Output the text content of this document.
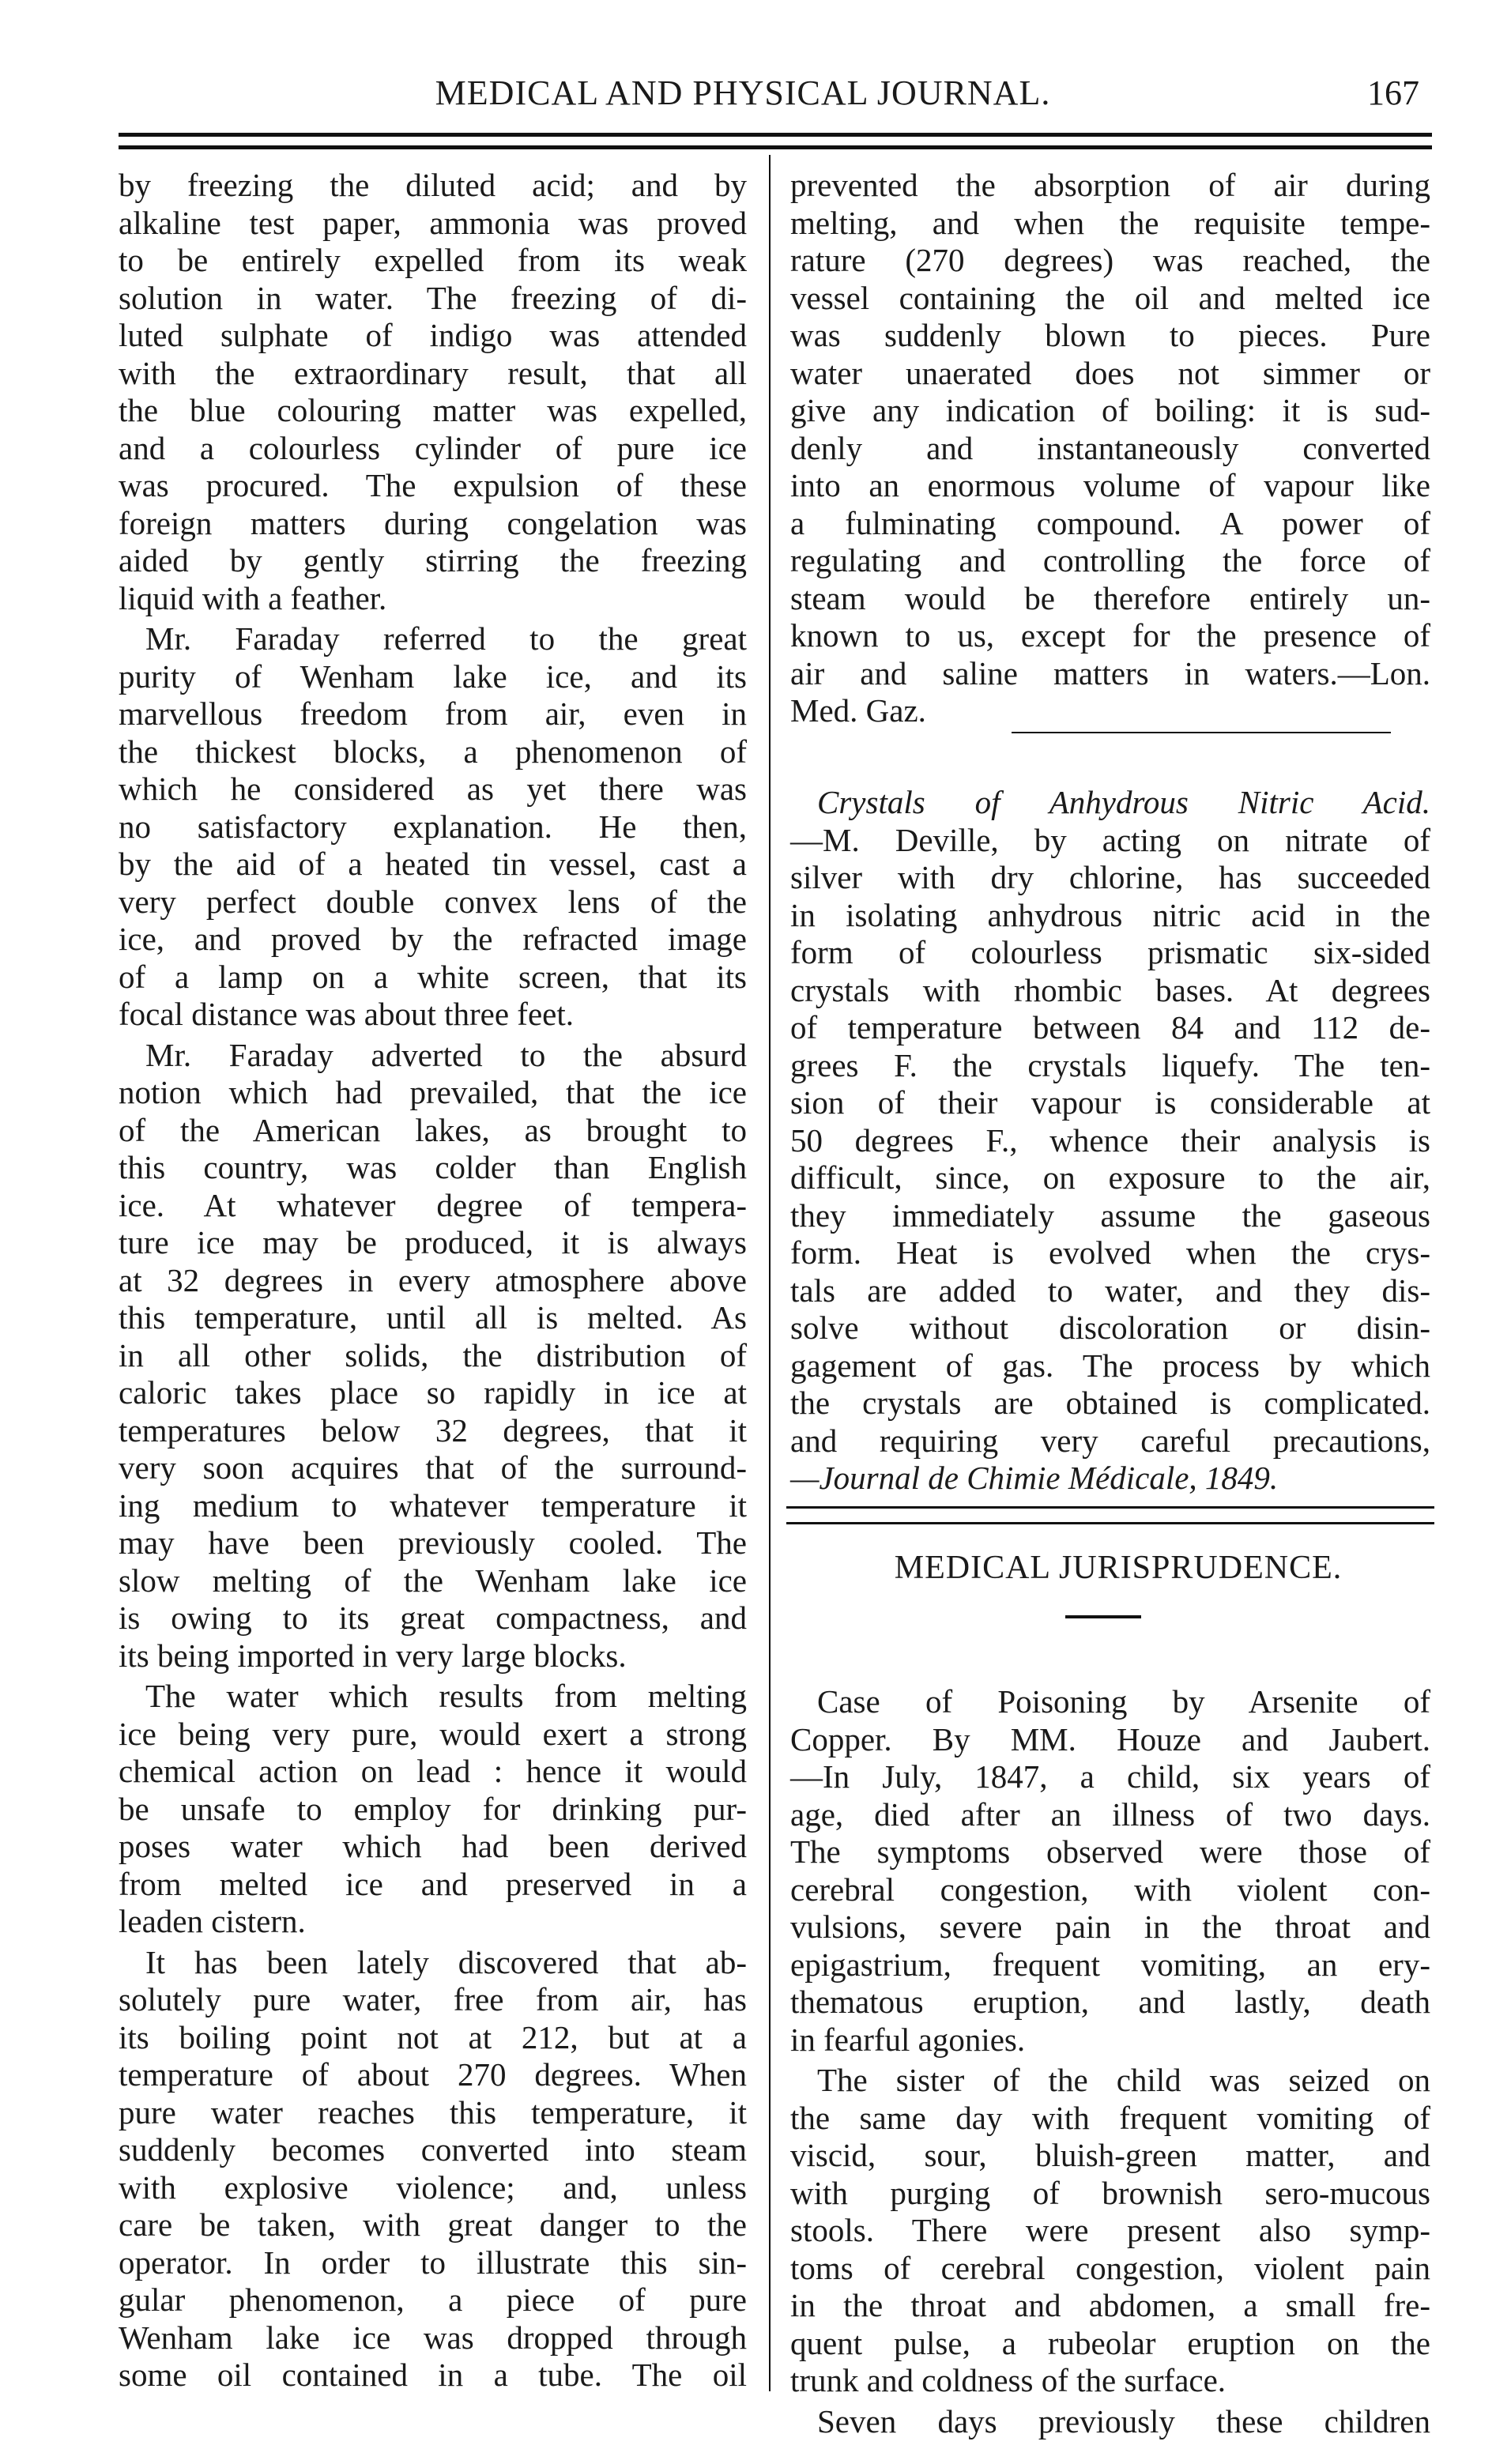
MEDICAL AND PHYSICAL JOURNAL.	167
by freezing the diluted acid; and by
alkaline test paper, ammonia was proved
to be entirely expelled from its weak
solution in water. The freezing of di-
luted sulphate of indigo was attended
with the extraordinary result, that all
the blue colouring matter was expelled,
and a colourless cylinder of pure ice
was procured. The expulsion of these
foreign matters during congelation was
aided by gently stirring the freezing
liquid with a feather.
Mr. Faraday referred to the great
purity of Wenham lake ice, and its
marvellous freedom from air, even in
the thickest blocks, a phenomenon of
which he considered as yet there was
no satisfactory explanation. He then,
by the aid of a heated tin vessel, cast a
very perfect double convex lens of the
ice, and proved by the refracted image
of a lamp on a white screen, that its
focal distance was about three feet.
Mr. Faraday adverted to the absurd
notion which had prevailed, that the ice
of the American lakes, as brought to
this country, was colder than English
ice. At whatever degree of tempera-
ture ice may be produced, it is always
at 32 degrees in every atmosphere above
this temperature, until all is melted. As
in all other solids, the distribution of
caloric takes place so rapidly in ice at
temperatures below 32 degrees, that it
very soon acquires that of the surround-
ing medium to whatever temperature it
may have been previously cooled. The
slow melting of the Wenham lake ice
is owing to its great compactness, and
its being imported in very large blocks.
The water which results from melting
ice being very pure, would exert a strong
chemical action on lead : hence it would
be unsafe to employ for drinking pur-
poses water which had been derived
from melted ice and preserved in a
leaden cistern.
It has been lately discovered that ab-
solutely pure water, free from air, has
its boiling point not at 212, but at a
temperature of about 270 degrees. When
pure water reaches this temperature, it
suddenly becomes converted into steam
with explosive violence; and, unless
care be taken, with great danger to the
operator. In order to illustrate this sin-
gular phenomenon, a piece of pure
Wenham lake ice was dropped through
some oil contained in a tube. The oil
prevented the absorption of air during
melting, and when the requisite tempe-
rature (270 degrees) was reached, the
vessel containing the oil and melted ice
was suddenly blown to pieces. Pure
water unaerated does not simmer or
give any indication of boiling: it is sud-
denly and instantaneously converted
into an enormous volume of vapour like
a fulminating compound. A power of
regulating and controlling the force of
steam would be therefore entirely un-
known to us, except for the presence of
air and saline matters in waters.—Lon.
Med. Gaz.
Crystals of Anhydrous Nitric Acid.
—M. Deville, by acting on nitrate of
silver with dry chlorine, has succeeded
in isolating anhydrous nitric acid in the
form of colourless prismatic six-sided
crystals with rhombic bases. At degrees
of temperature between 84 and 112 de-
grees F. the crystals liquefy. The ten-
sion of their vapour is considerable at
50 degrees F., whence their analysis is
difficult, since, on exposure to the air,
they immediately assume the gaseous
form. Heat is evolved when the crys-
tals are added to water, and they dis-
solve without discoloration or disin-
gagement of gas. The process by which
the crystals are obtained is complicated.
and requiring very careful precautions,
—Journal de Chimie Médicale, 1849.
MEDICAL JURISPRUDENCE.
Case of Poisoning by Arsenite of
Copper. By MM. Houze and Jaubert.
—In July, 1847, a child, six years of
age, died after an illness of two days.
The symptoms observed were those of
cerebral congestion, with violent con-
vulsions, severe pain in the throat and
epigastrium, frequent vomiting, an ery-
thematous eruption, and lastly, death
in fearful agonies.
The sister of the child was seized on
the same day with frequent vomiting of
viscid, sour, bluish-green matter, and
with purging of brownish sero-mucous
stools. There were present also symp-
toms of cerebral congestion, violent pain
in the throat and abdomen, a small fre-
quent pulse, a rubeolar eruption on the
trunk and coldness of the surface.
Seven days previously these children
